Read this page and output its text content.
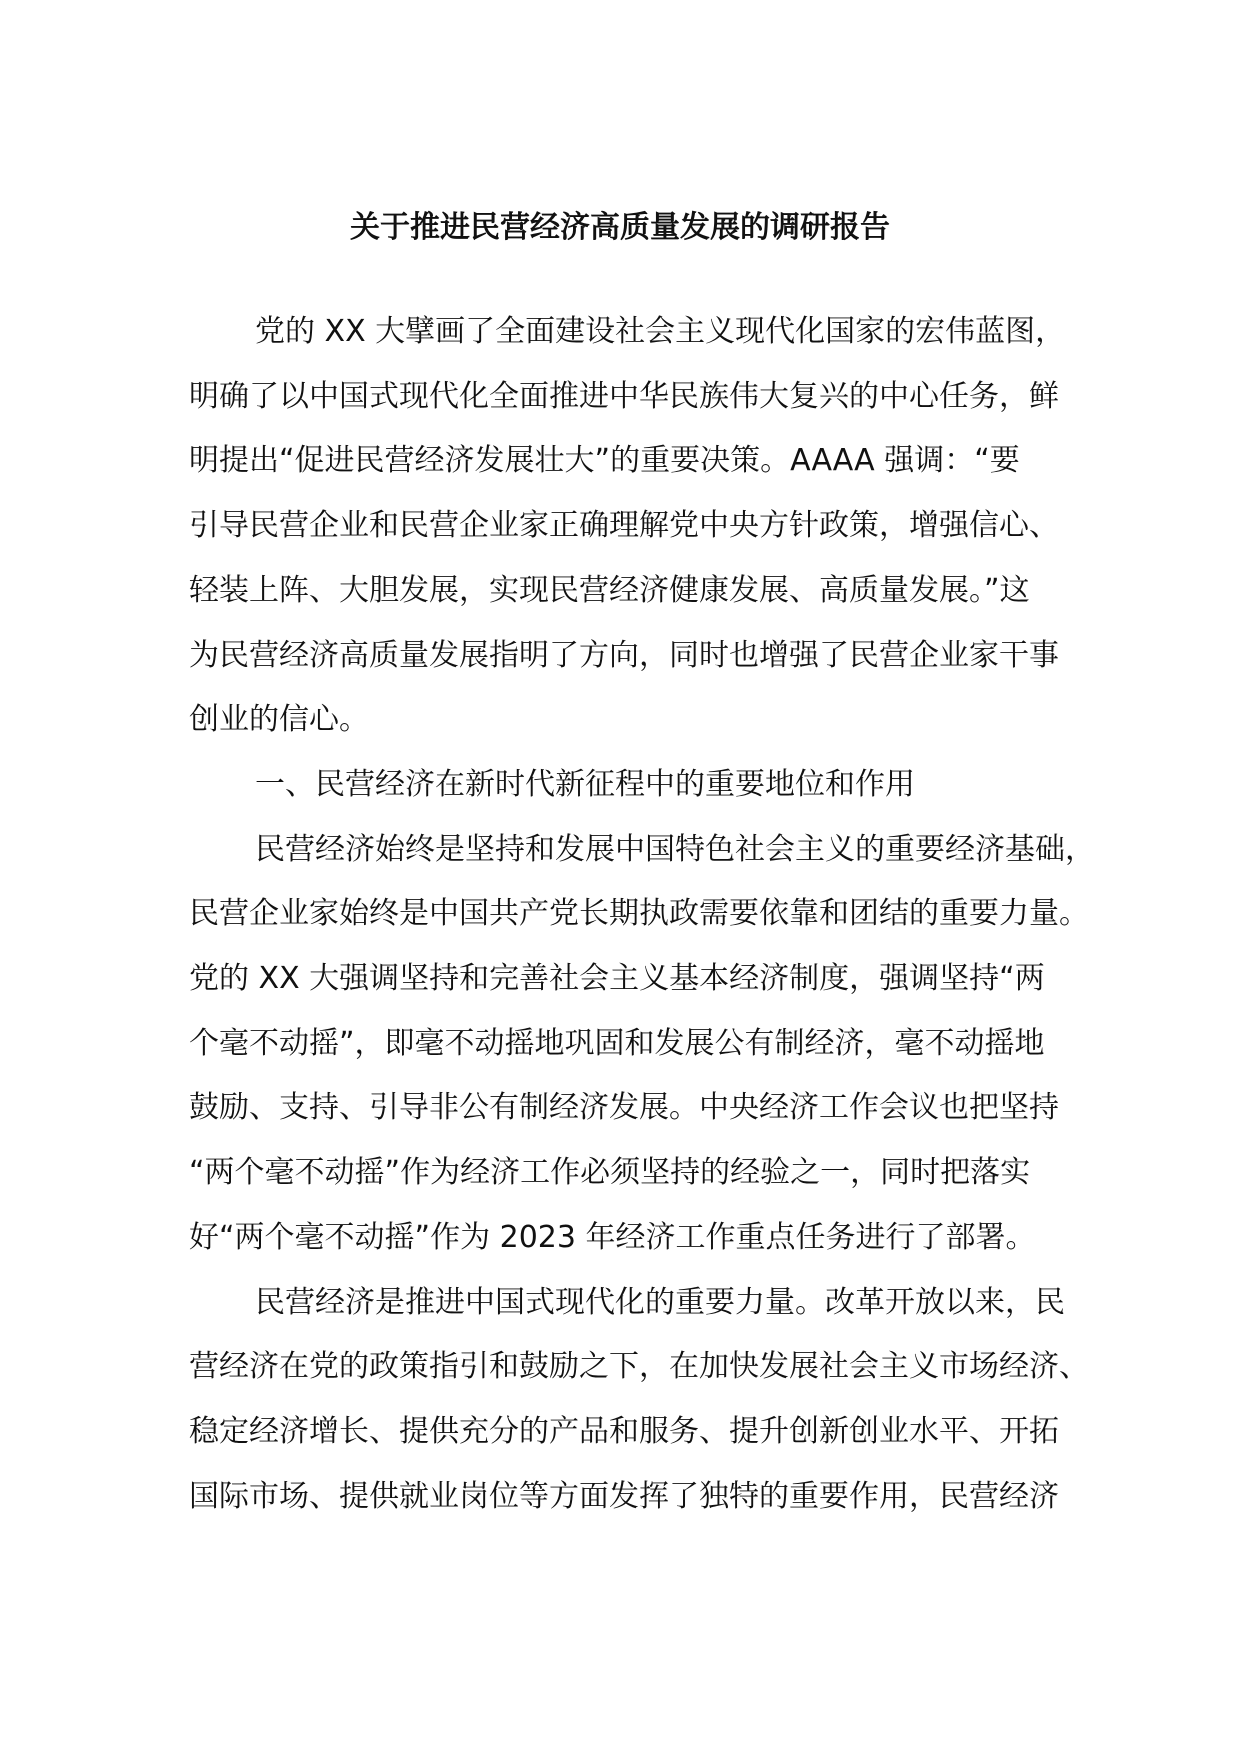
关于推进民营经济高质量发展的调研报告
党的 XX 大擘画了全面建设社会主义现代化国家的宏伟蓝图，
明确了以中国式现代化全面推进中华民族伟大复兴的中心任务，鲜
明提出“促进民营经济发展壮大”的重要决策。AAAA 强调：“要
引导民营企业和民营企业家正确理解党中央方针政策，增强信心、
轻装上阵、大胆发展，实现民营经济健康发展、高质量发展。”这
为民营经济高质量发展指明了方向，同时也增强了民营企业家干事
创业的信心。
一、民营经济在新时代新征程中的重要地位和作用
民营经济始终是坚持和发展中国特色社会主义的重要经济基础，
民营企业家始终是中国共产党长期执政需要依靠和团结的重要力量。
党的 XX 大强调坚持和完善社会主义基本经济制度，强调坚持“两
个毫不动摇”，即毫不动摇地巩固和发展公有制经济，毫不动摇地
鼓励、支持、引导非公有制经济发展。中央经济工作会议也把坚持
“两个毫不动摇”作为经济工作必须坚持的经验之一，同时把落实
好“两个毫不动摇”作为 2023 年经济工作重点任务进行了部署。
民营经济是推进中国式现代化的重要力量。改革开放以来，民
营经济在党的政策指引和鼓励之下，在加快发展社会主义市场经济、
稳定经济增长、提供充分的产品和服务、提升创新创业水平、开拓
国际市场、提供就业岗位等方面发挥了独特的重要作用，民营经济
